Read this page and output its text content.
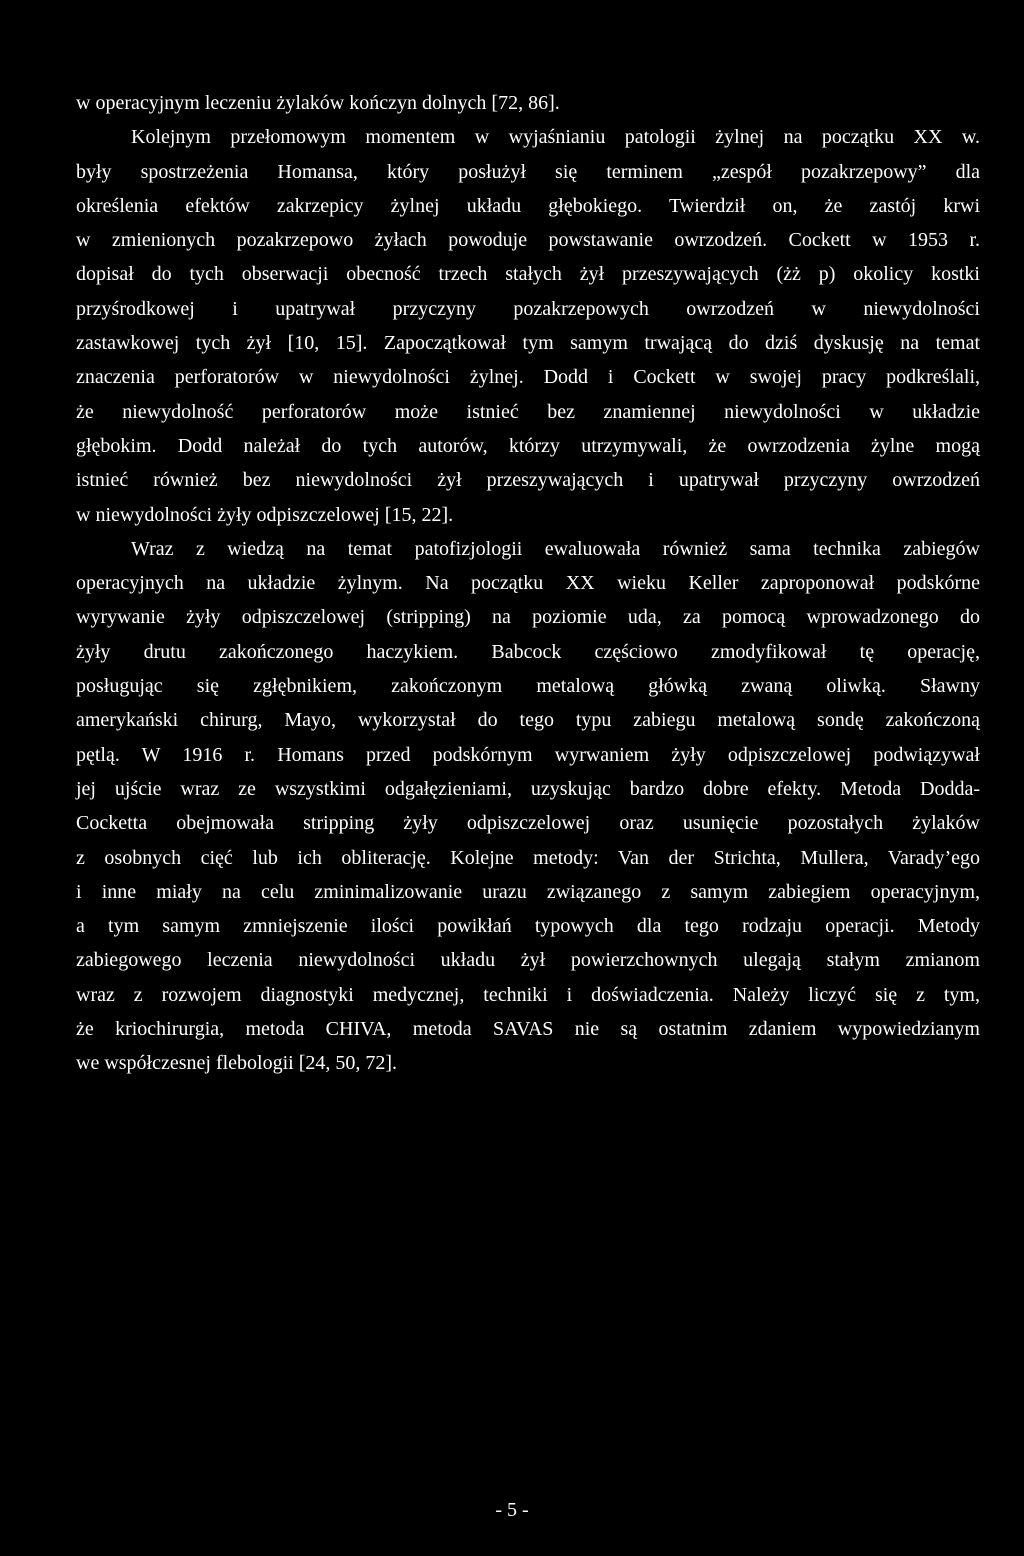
w operacyjnym leczeniu żylaków kończyn dolnych [72, 86].
Kolejnym przełomowym momentem w wyjaśnianiu patologii żylnej na początku XX w.
były spostrzeżenia Homansa, który posłużył się terminem „zespół pozakrzepowy” dla
określenia efektów zakrzepicy żylnej układu głębokiego. Twierdził on, że zastój krwi
w zmienionych pozakrzepowo żyłach powoduje powstawanie owrzodzeń. Cockett w 1953 r.
dopisał do tych obserwacji obecność trzech stałych żył przeszywających (żż p) okolicy kostki
przyśrodkowej i upatrywał przyczyny pozakrzepowych owrzodzeń w niewydolności
zastawkowej tych żył [10, 15]. Zapoczątkował tym samym trwającą do dziś dyskusję na temat
znaczenia perforatorów w niewydolności żylnej. Dodd i Cockett w swojej pracy podkreślali,
że niewydolność perforatorów może istnieć bez znamiennej niewydolności w układzie
głębokim. Dodd należał do tych autorów, którzy utrzymywali, że owrzodzenia żylne mogą
istnieć również bez niewydolności żył przeszywających i upatrywał przyczyny owrzodzeń
w niewydolności żyły odpiszczelowej [15, 22].
Wraz z wiedzą na temat patofizjologii ewaluowała również sama technika zabiegów
operacyjnych na układzie żylnym. Na początku XX wieku Keller zaproponował podskórne
wyrywanie żyły odpiszczelowej (stripping) na poziomie uda, za pomocą wprowadzonego do
żyły drutu zakończonego haczykiem. Babcock częściowo zmodyfikował tę operację,
posługując się zgłębnikiem, zakończonym metalową główką zwaną oliwką. Sławny
amerykański chirurg, Mayo, wykorzystał do tego typu zabiegu metalową sondę zakończoną
pętlą. W 1916 r. Homans przed podskórnym wyrwaniem żyły odpiszczelowej podwiązywał
jej ujście wraz ze wszystkimi odgałęzieniami, uzyskując bardzo dobre efekty. Metoda Dodda-
Cocketta obejmowała stripping żyły odpiszczelowej oraz usunięcie pozostałych żylaków
z osobnych cięć lub ich obliterację. Kolejne metody: Van der Strichta, Mullera, Varady’ego
i inne miały na celu zminimalizowanie urazu związanego z samym zabiegiem operacyjnym,
a tym samym zmniejszenie ilości powikłań typowych dla tego rodzaju operacji. Metody
zabiegowego leczenia niewydolności układu żył powierzchownych ulegają stałym zmianom
wraz z rozwojem diagnostyki medycznej, techniki i doświadczenia. Należy liczyć się z tym,
że kriochirurgia, metoda CHIVA, metoda SAVAS nie są ostatnim zdaniem wypowiedzianym
we współczesnej flebologii [24, 50, 72].
- 5 -
